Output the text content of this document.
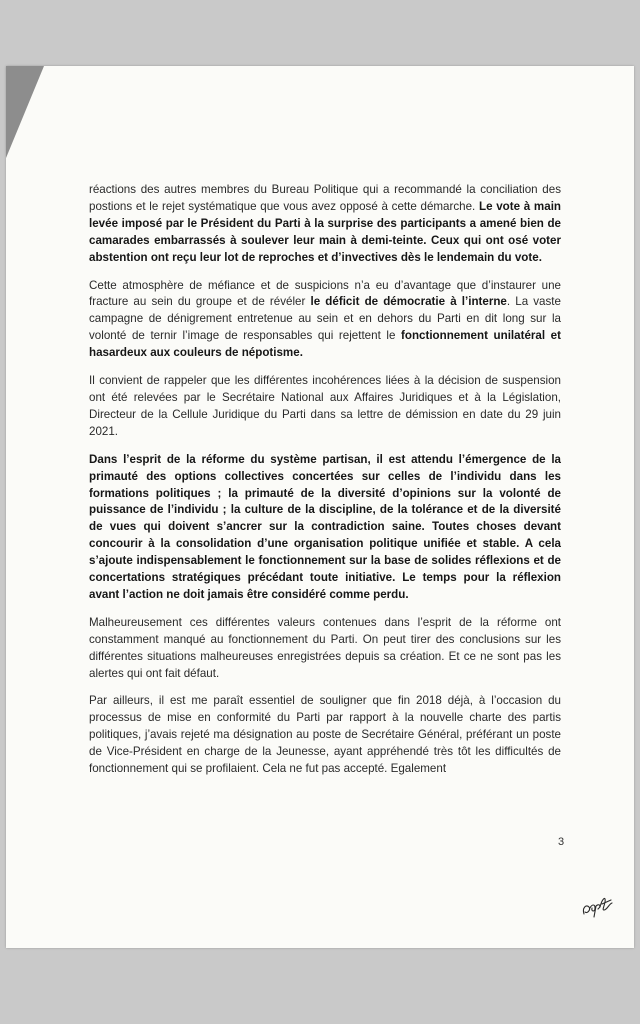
réactions des autres membres du Bureau Politique qui a recommandé la conciliation des postions et le rejet systématique que vous avez opposé à cette démarche. Le vote à main levée imposé par le Président du Parti à la surprise des participants a amené bien de camarades embarrassés à soulever leur main à demi-teinte. Ceux qui ont osé voter abstention ont reçu leur lot de reproches et d’invectives dès le lendemain du vote.

Cette atmosphère de méfiance et de suspicions n’a eu d’avantage que d’instaurer une fracture au sein du groupe et de révéler le déficit de démocratie à l’interne. La vaste campagne de dénigrement entretenue au sein et en dehors du Parti en dit long sur la volonté de ternir l’image de responsables qui rejettent le fonctionnement unilatéral et hasardeux aux couleurs de népotisme.

Il convient de rappeler que les différentes incohérences liées à la décision de suspension ont été relevées par le Secrétaire National aux Affaires Juridiques et à la Législation, Directeur de la Cellule Juridique du Parti dans sa lettre de démission en date du 29 juin 2021.

Dans l’esprit de la réforme du système partisan, il est attendu l’émergence de la primauté des options collectives concertées sur celles de l’individu dans les formations politiques ; la primauté de la diversité d’opinions sur la volonté de puissance de l’individu ; la culture de la discipline, de la tolérance et de la diversité de vues qui doivent s’ancrer sur la contradiction saine. Toutes choses devant concourir à la consolidation d’une organisation politique unifiée et stable. A cela s’ajoute indispensablement le fonctionnement sur la base de solides réflexions et de concertations stratégiques précédant toute initiative. Le temps pour la réflexion avant l’action ne doit jamais être considéré comme perdu.

Malheureusement ces différentes valeurs contenues dans l’esprit de la réforme ont constamment manqué au fonctionnement du Parti. On peut tirer des conclusions sur les différentes situations malheureuses enregistrées depuis sa création. Et ce ne sont pas les alertes qui ont fait défaut.

Par ailleurs, il est me paraît essentiel de souligner que fin 2018 déjà, à l’occasion du processus de mise en conformité du Parti par rapport à la nouvelle charte des partis politiques, j’avais rejeté ma désignation au poste de Secrétaire Général, préférant un poste de Vice-Président en charge de la Jeunesse, ayant appréhendé très tôt les difficultés de fonctionnement qui se profilaient. Cela ne fut pas accepté. Egalement

3
